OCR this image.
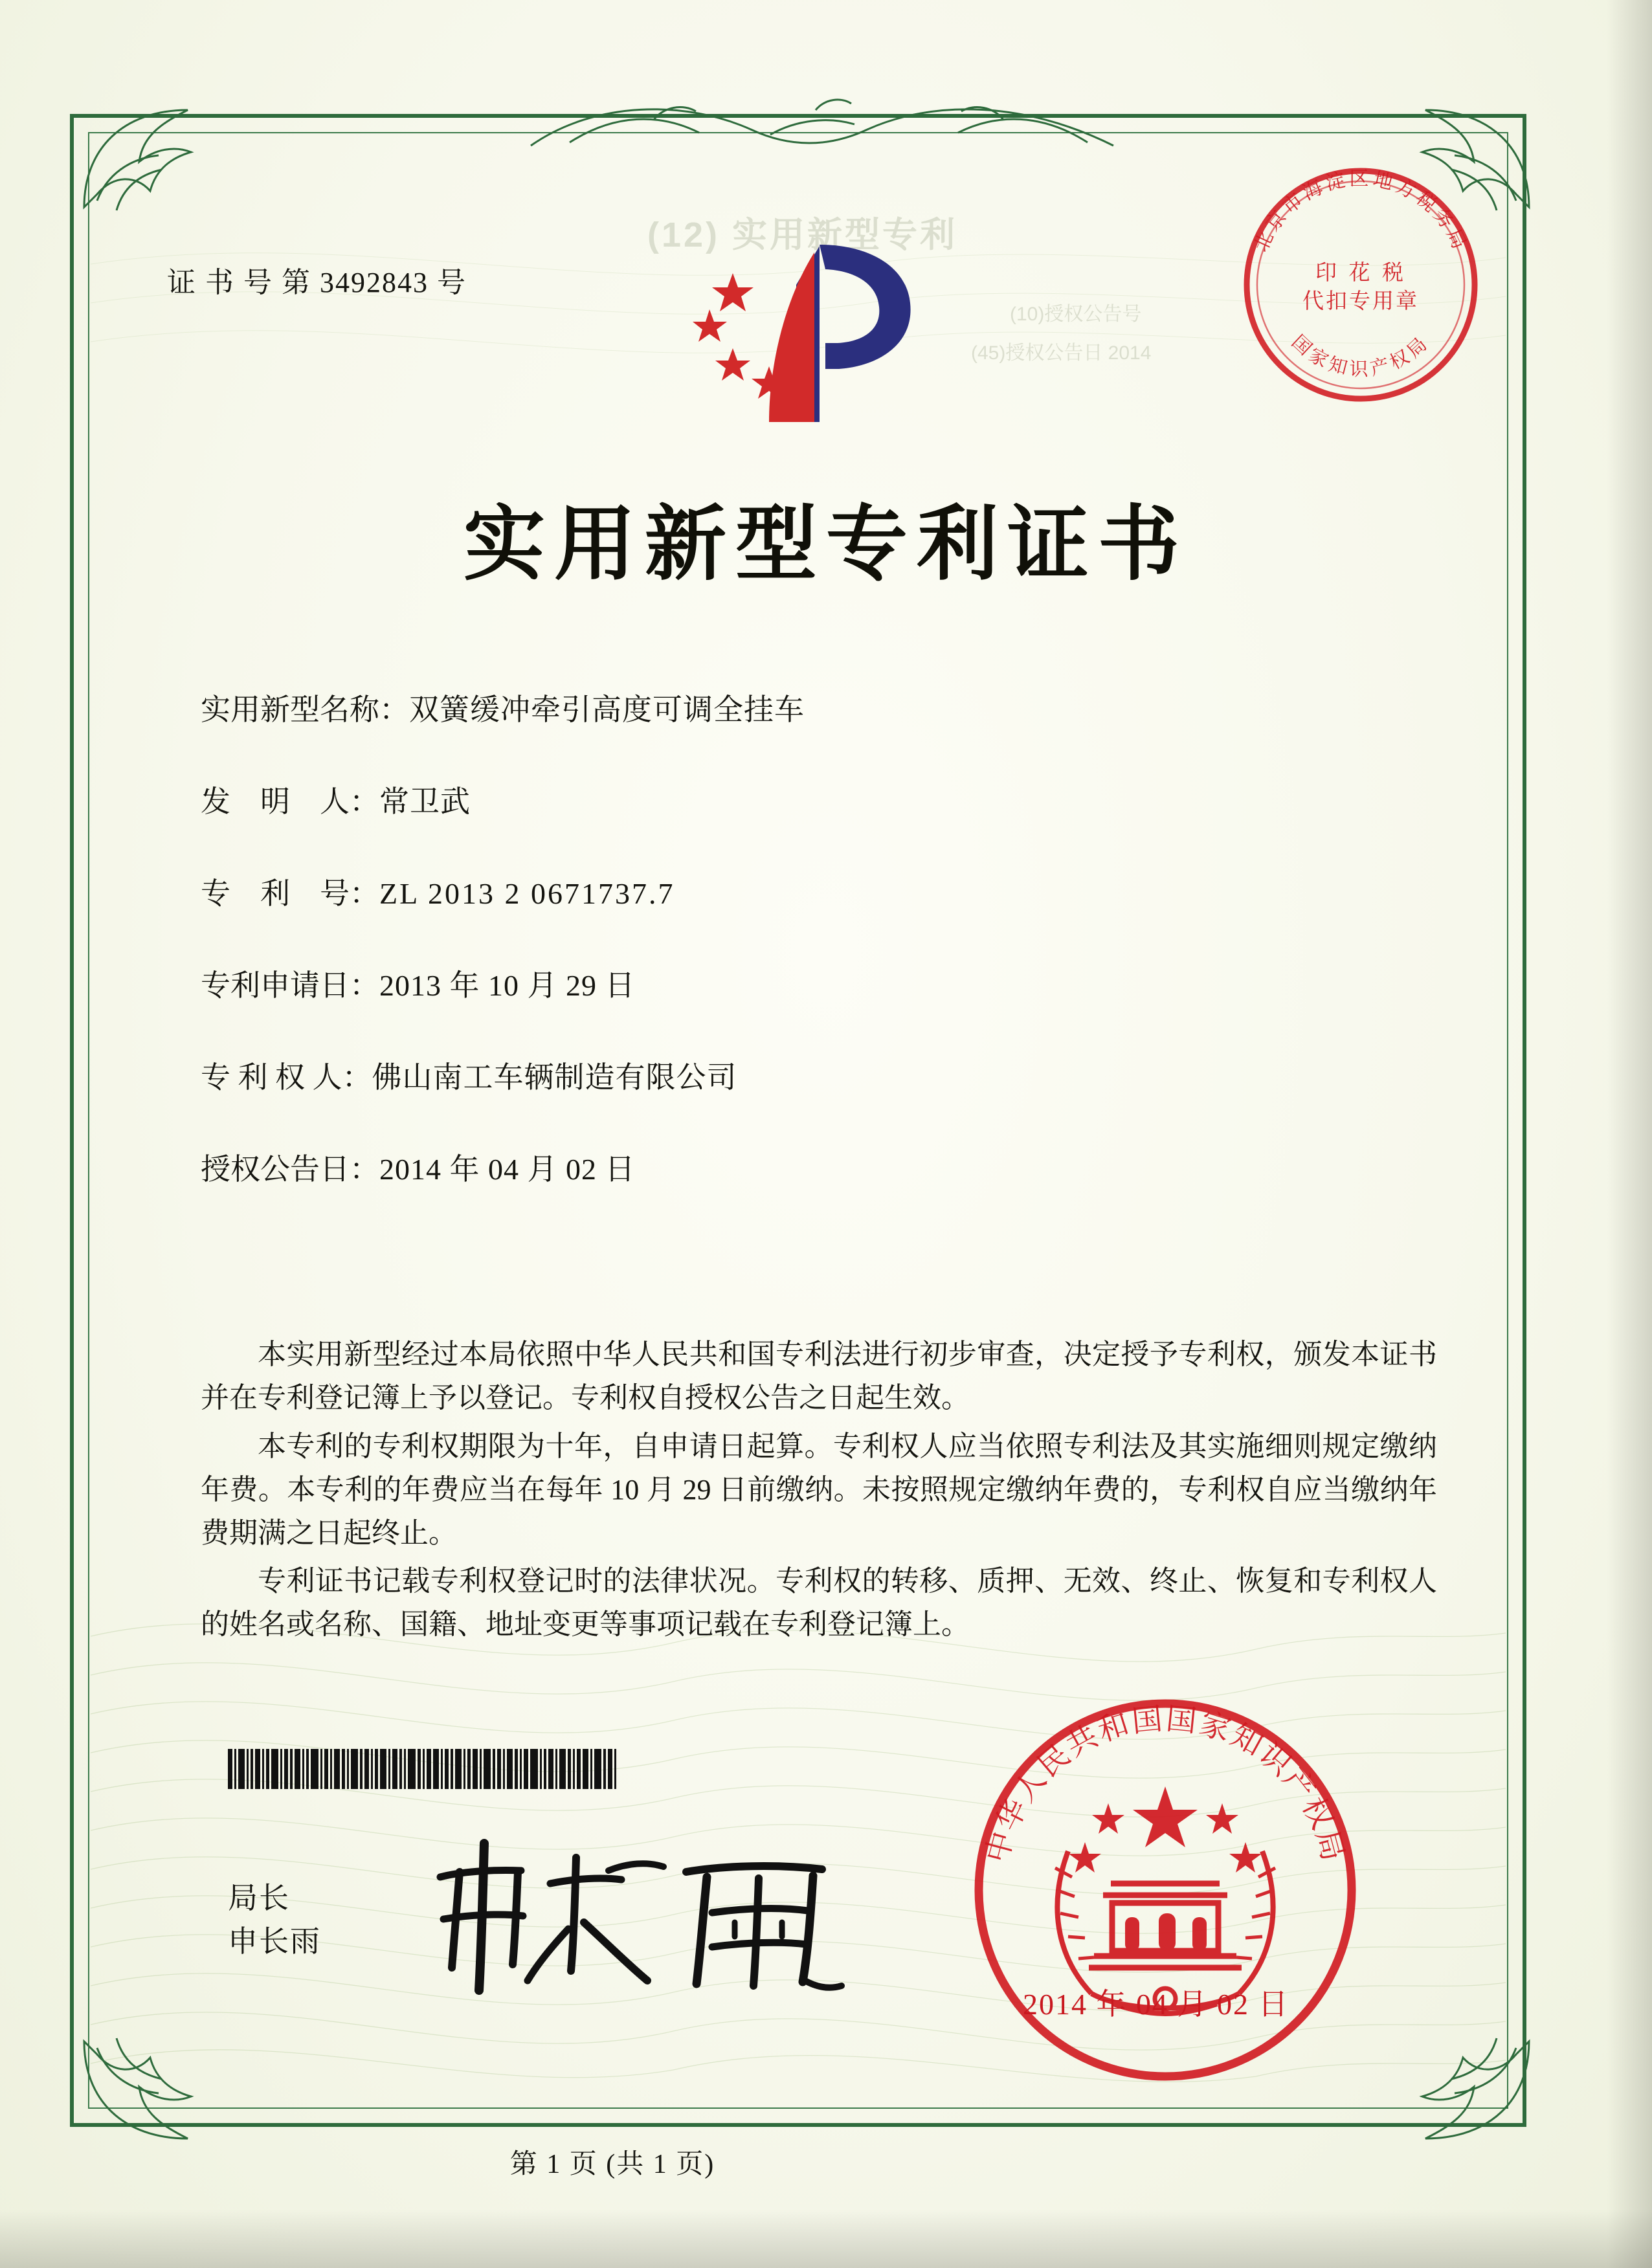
(12) 实用新型专利
(10)授权公告号
(45)授权公告日 2014
证 书 号 第 3492843 号
北京市海淀区地方税务局
国家知识产权局
印 花 税
代扣专用章
实用新型专利证书
实用新型名称：双簧缓冲牵引高度可调全挂车
发　明　人：常卫武
专　利　号：ZL 2013 2 0671737.7
专利申请日：2013 年 10 月 29 日
专 利 权 人：佛山南工车辆制造有限公司
授权公告日：2014 年 04 月 02 日

本实用新型经过本局依照中华人民共和国专利法进行初步审查，决定授予专利权，颁发本证书并在专利登记簿上予以登记。专利权自授权公告之日起生效。

本专利的专利权期限为十年，自申请日起算。专利权人应当依照专利法及其实施细则规定缴纳年费。本专利的年费应当在每年 10 月 29 日前缴纳。未按照规定缴纳年费的，专利权自应当缴纳年费期满之日起终止。

专利证书记载专利权登记时的法律状况。专利权的转移、质押、无效、终止、恢复和专利权人的姓名或名称、国籍、地址变更等事项记载在专利登记簿上。

局长
申长雨
中华人民共和国国家知识产权局
2014 年 04 月 02 日
第 1 页 (共 1 页)
